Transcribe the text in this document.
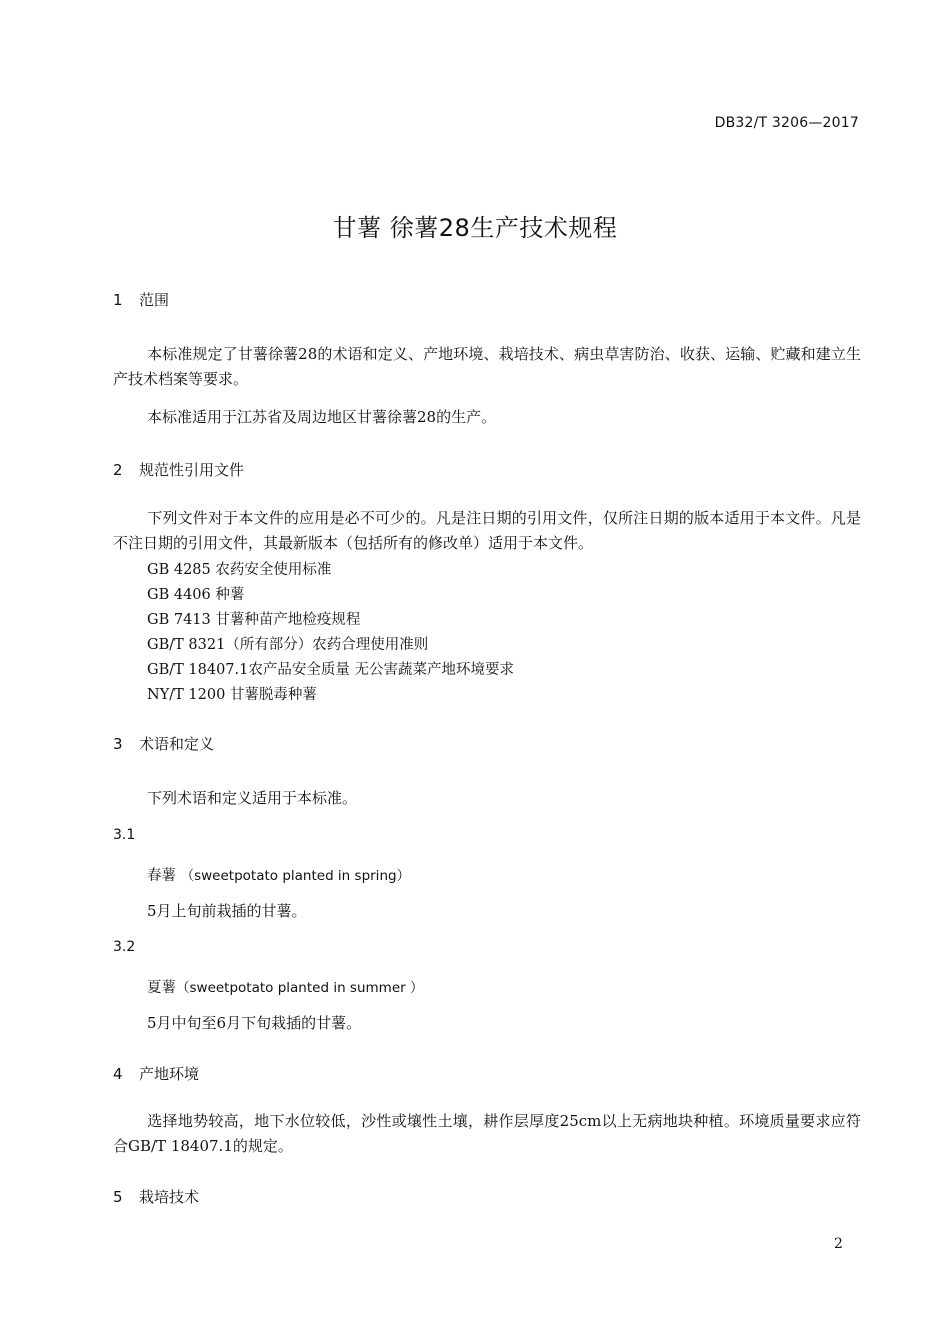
DB32/T 3206—2017
甘薯 徐薯28生产技术规程
1 范围
本标准规定了甘薯徐薯28的术语和定义、产地环境、栽培技术、病虫草害防治、收获、运输、贮藏和建立生产技术档案等要求。
本标准适用于江苏省及周边地区甘薯徐薯28的生产。
2 规范性引用文件
下列文件对于本文件的应用是必不可少的。凡是注日期的引用文件，仅所注日期的版本适用于本文件。凡是不注日期的引用文件，其最新版本（包括所有的修改单）适用于本文件。
GB 4285 农药安全使用标准
GB 4406 种薯
GB 7413 甘薯种苗产地检疫规程
GB/T 8321（所有部分）农药合理使用准则
GB/T 18407.1农产品安全质量 无公害蔬菜产地环境要求
NY/T 1200 甘薯脱毒种薯
3 术语和定义
下列术语和定义适用于本标准。
3.1
春薯 （sweetpotato planted in spring）
5月上旬前栽插的甘薯。
3.2
夏薯（sweetpotato planted in summer ）
5月中旬至6月下旬栽插的甘薯。
4 产地环境
选择地势较高，地下水位较低，沙性或壤性土壤，耕作层厚度25cm以上无病地块种植。环境质量要求应符合GB/T 18407.1的规定。
5 栽培技术
2
